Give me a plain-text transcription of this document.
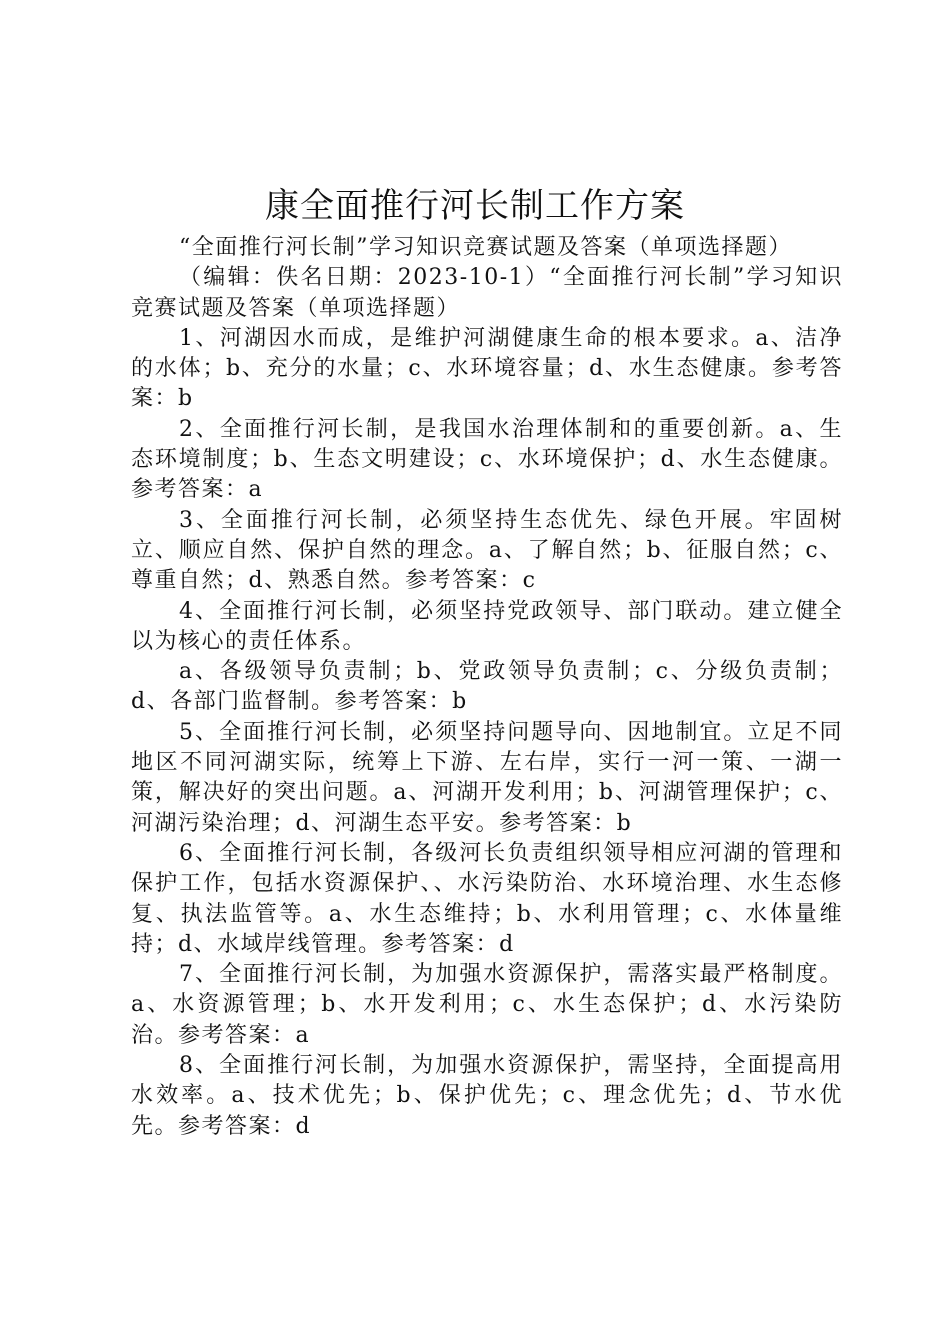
康全面推行河长制工作方案

“全面推行河长制”学习知识竞赛试题及答案（单项选择题）

（编辑：佚名日期：2023-10-1）“全面推行河长制”学习知识竞赛试题及答案（单项选择题）

1、河湖因水而成，是维护河湖健康生命的根本要求。a、洁净的水体；b、充分的水量；c、水环境容量；d、水生态健康。参考答案：b

2、全面推行河长制，是我国水治理体制和的重要创新。a、生态环境制度；b、生态文明建设；c、水环境保护；d、水生态健康。参考答案：a

3、全面推行河长制，必须坚持生态优先、绿色开展。牢固树立、顺应自然、保护自然的理念。a、了解自然；b、征服自然；c、尊重自然；d、熟悉自然。参考答案：c

4、全面推行河长制，必须坚持党政领导、部门联动。建立健全以为核心的责任体系。

a、各级领导负责制；b、党政领导负责制；c、分级负责制；d、各部门监督制。参考答案：b

5、全面推行河长制，必须坚持问题导向、因地制宜。立足不同地区不同河湖实际，统筹上下游、左右岸，实行一河一策、一湖一策，解决好的突出问题。a、河湖开发利用；b、河湖管理保护；c、河湖污染治理；d、河湖生态平安。参考答案：b

6、全面推行河长制，各级河长负责组织领导相应河湖的管理和保护工作，包括水资源保护、、水污染防治、水环境治理、水生态修复、执法监管等。a、水生态维持；b、水利用管理；c、水体量维持；d、水域岸线管理。参考答案：d

7、全面推行河长制，为加强水资源保护，需落实最严格制度。a、水资源管理；b、水开发利用；c、水生态保护；d、水污染防治。参考答案：a

8、全面推行河长制，为加强水资源保护，需坚持，全面提高用水效率。a、技术优先；b、保护优先；c、理念优先；d、节水优先。参考答案：d
